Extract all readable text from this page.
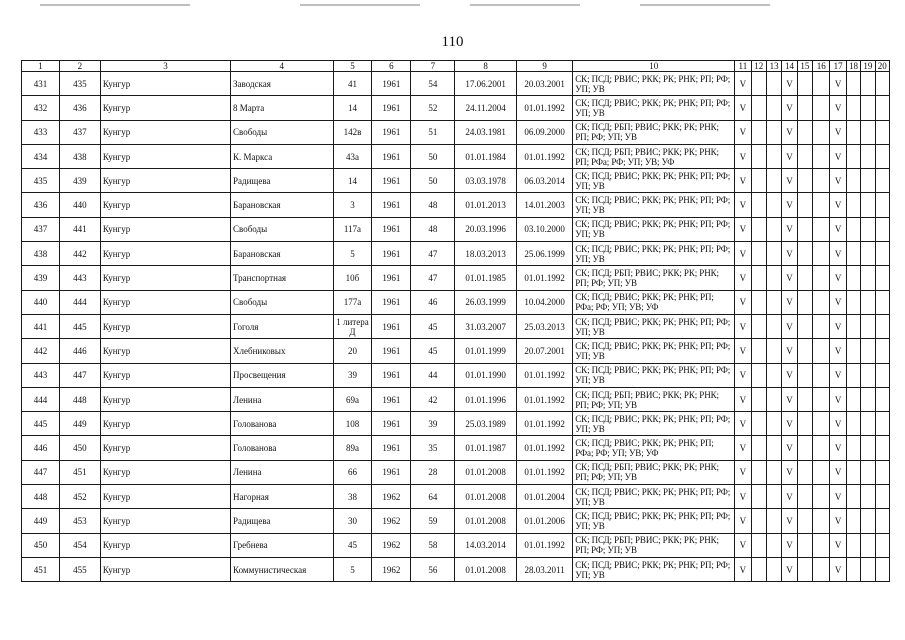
110
1	2	3	4	5	6	7	8	9	10	11	12	13	14	15	16	17	18	19	20
431	435	Кунгур	Заводская	41	1961	54	17.06.2001	20.03.2001	СК; ПСД; РВИС; РКК; РК; РНК; РП; РФ; УП; УВ	V			V			V			
432	436	Кунгур	8 Марта	14	1961	52	24.11.2004	01.01.1992	СК; ПСД; РВИС; РКК; РК; РНК; РП; РФ; УП; УВ	V			V			V			
433	437	Кунгур	Свободы	142в	1961	51	24.03.1981	06.09.2000	СК; ПСД; РБП; РВИС; РКК; РК; РНК; РП; РФ; УП; УВ	V			V			V			
434	438	Кунгур	К. Маркса	43а	1961	50	01.01.1984	01.01.1992	СК; ПСД; РБП; РВИС; РКК; РК; РНК; РП; РФа; РФ; УП; УВ; УФ	V			V			V			
435	439	Кунгур	Радищева	14	1961	50	03.03.1978	06.03.2014	СК; ПСД; РВИС; РКК; РК; РНК; РП; РФ; УП; УВ	V			V			V			
436	440	Кунгур	Барановская	3	1961	48	01.01.2013	14.01.2003	СК; ПСД; РВИС; РКК; РК; РНК; РП; РФ; УП; УВ	V			V			V			
437	441	Кунгур	Свободы	117а	1961	48	20.03.1996	03.10.2000	СК; ПСД; РВИС; РКК; РК; РНК; РП; РФ; УП; УВ	V			V			V			
438	442	Кунгур	Барановская	5	1961	47	18.03.2013	25.06.1999	СК; ПСД; РВИС; РКК; РК; РНК; РП; РФ; УП; УВ	V			V			V			
439	443	Кунгур	Транспортная	10б	1961	47	01.01.1985	01.01.1992	СК; ПСД; РБП; РВИС; РКК; РК; РНК; РП; РФ; УП; УВ	V			V			V			
440	444	Кунгур	Свободы	177а	1961	46	26.03.1999	10.04.2000	СК; ПСД; РВИС; РКК; РК; РНК; РП; РФа; РФ; УП; УВ; УФ	V			V			V			
441	445	Кунгур	Гоголя	1 литера Д	1961	45	31.03.2007	25.03.2013	СК; ПСД; РВИС; РКК; РК; РНК; РП; РФ; УП; УВ	V			V			V			
442	446	Кунгур	Хлебниковых	20	1961	45	01.01.1999	20.07.2001	СК; ПСД; РВИС; РКК; РК; РНК; РП; РФ; УП; УВ	V			V			V			
443	447	Кунгур	Просвещения	39	1961	44	01.01.1990	01.01.1992	СК; ПСД; РВИС; РКК; РК; РНК; РП; РФ; УП; УВ	V			V			V			
444	448	Кунгур	Ленина	69а	1961	42	01.01.1996	01.01.1992	СК; ПСД; РБП; РВИС; РКК; РК; РНК; РП; РФ; УП; УВ	V			V			V			
445	449	Кунгур	Голованова	108	1961	39	25.03.1989	01.01.1992	СК; ПСД; РВИС; РКК; РК; РНК; РП; РФ; УП; УВ	V			V			V			
446	450	Кунгур	Голованова	89а	1961	35	01.01.1987	01.01.1992	СК; ПСД; РВИС; РКК; РК; РНК; РП; РФа; РФ; УП; УВ; УФ	V			V			V			
447	451	Кунгур	Ленина	66	1961	28	01.01.2008	01.01.1992	СК; ПСД; РБП; РВИС; РКК; РК; РНК; РП; РФ; УП; УВ	V			V			V			
448	452	Кунгур	Нагорная	38	1962	64	01.01.2008	01.01.2004	СК; ПСД; РВИС; РКК; РК; РНК; РП; РФ; УП; УВ	V			V			V			
449	453	Кунгур	Радищева	30	1962	59	01.01.2008	01.01.2006	СК; ПСД; РВИС; РКК; РК; РНК; РП; РФ; УП; УВ	V			V			V			
450	454	Кунгур	Гребнева	45	1962	58	14.03.2014	01.01.1992	СК; ПСД; РБП; РВИС; РКК; РК; РНК; РП; РФ; УП; УВ	V			V			V			
451	455	Кунгур	Коммунистическая	5	1962	56	01.01.2008	28.03.2011	СК; ПСД; РВИС; РКК; РК; РНК; РП; РФ; УП; УВ	V			V			V			
